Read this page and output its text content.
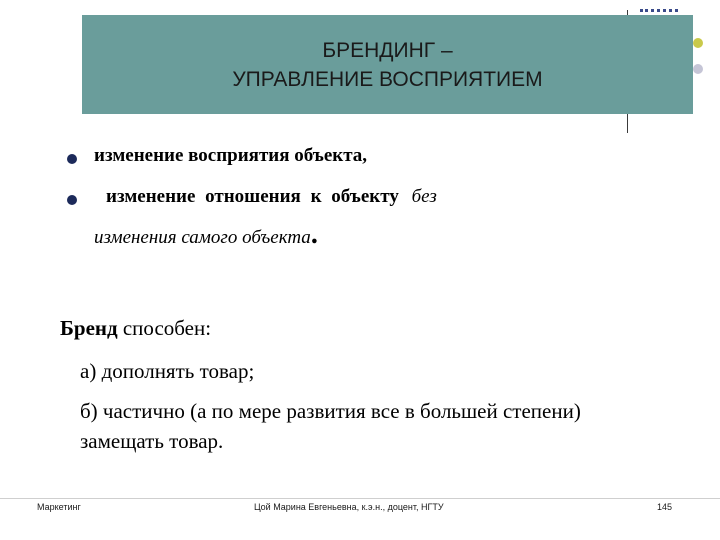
БРЕНДИНГ –
УПРАВЛЕНИЕ ВОСПРИЯТИЕМ
изменение восприятия объекта,
изменение отношения к объекту без
изменения самого объекта.
Бренд способен:
а) дополнять товар;
б) частично (а по мере развития все в большей степени) замещать товар.
Маркетинг	Цой Марина Евгеньевна, к.э.н., доцент, НГТУ	145
